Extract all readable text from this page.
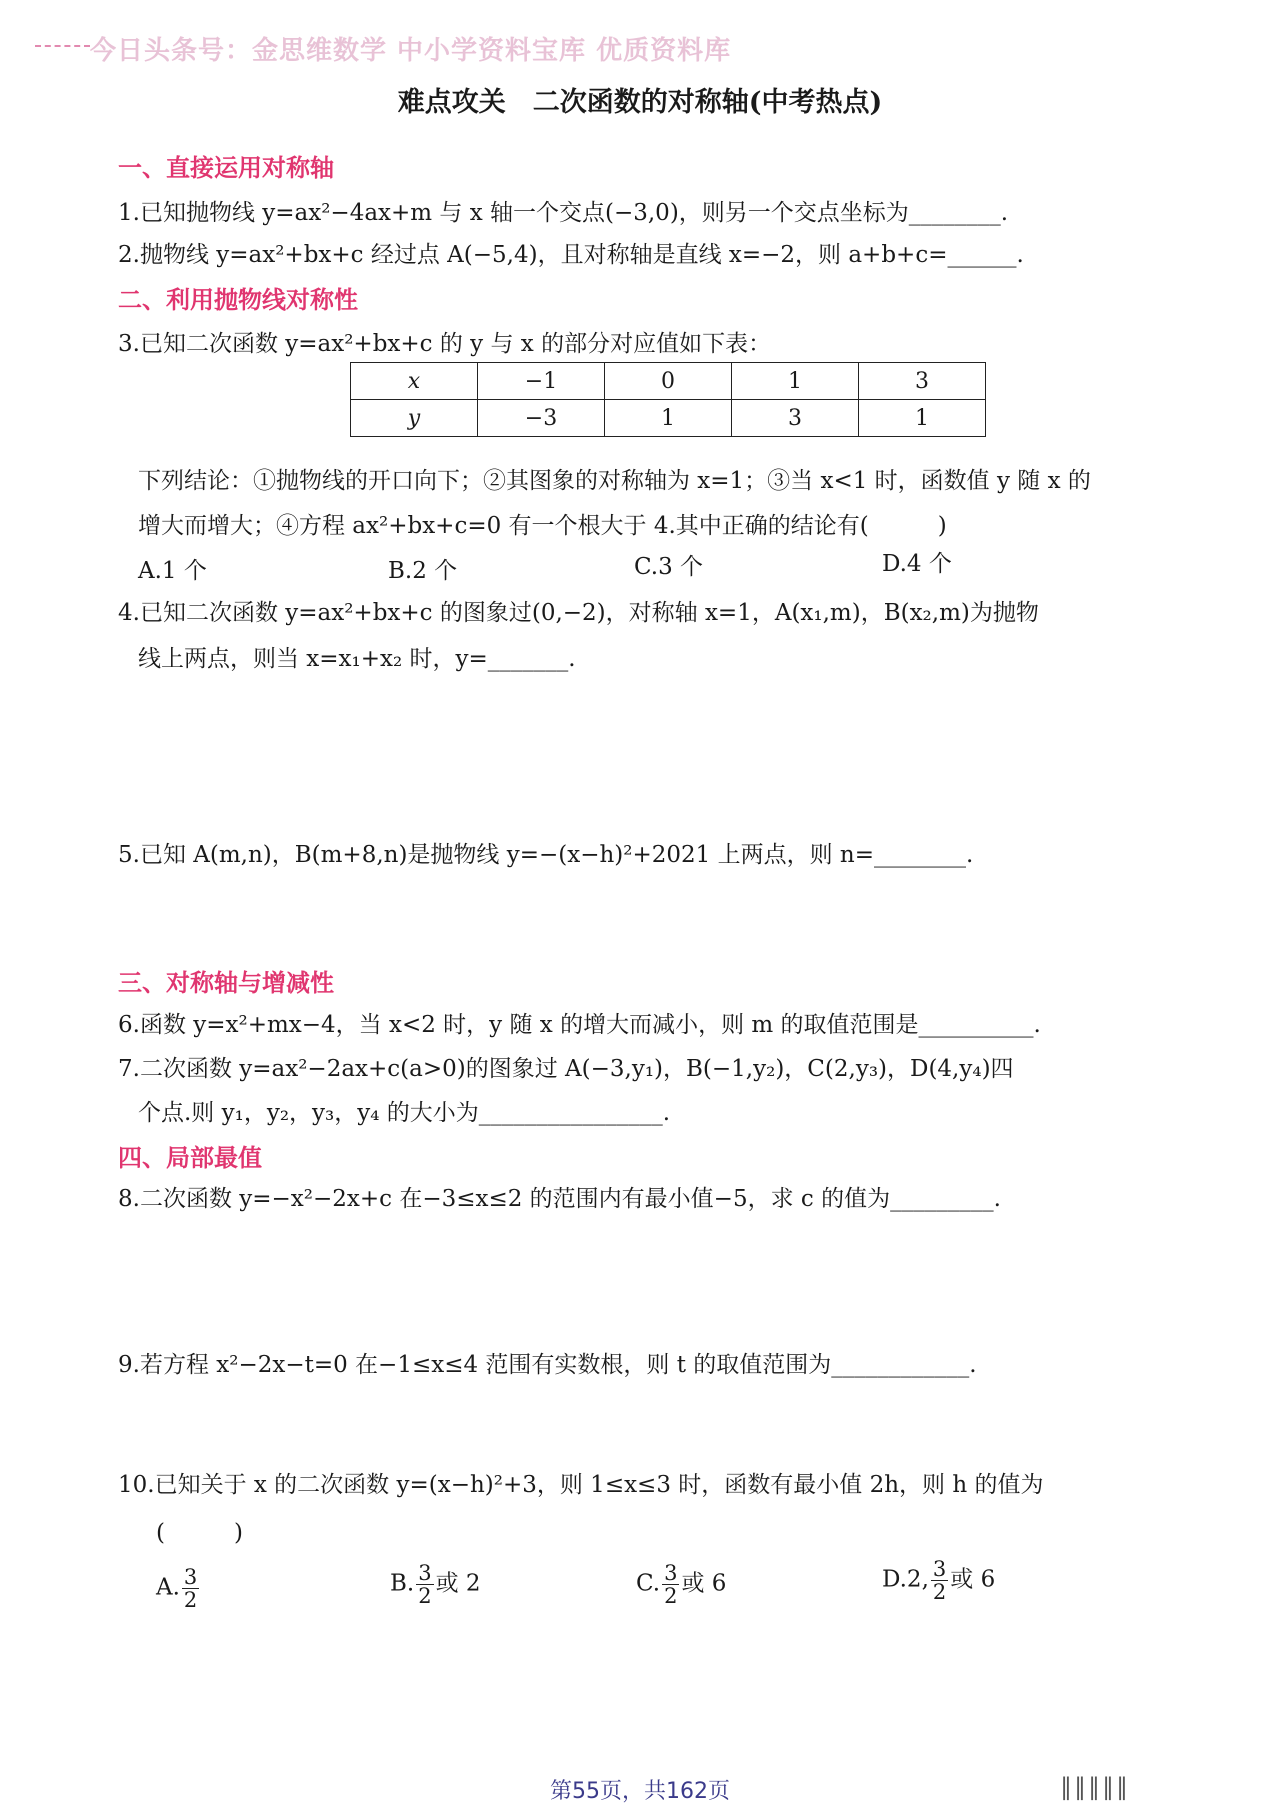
今日头条号：金思维数学 中小学资料宝库 优质资料库
难点攻关　二次函数的对称轴(中考热点)
一、直接运用对称轴
1.已知抛物线 y=ax²−4ax+m 与 x 轴一个交点(−3,0)，则另一个交点坐标为________.
2.抛物线 y=ax²+bx+c 经过点 A(−5,4)，且对称轴是直线 x=−2，则 a+b+c=______.
二、利用抛物线对称性
3.已知二次函数 y=ax²+bx+c 的 y 与 x 的部分对应值如下表：
x	−1	0	1	3
y	−3	1	3	1
下列结论：①抛物线的开口向下；②其图象的对称轴为 x=1；③当 x<1 时，函数值 y 随 x 的
增大而增大；④方程 ax²+bx+c=0 有一个根大于 4.其中正确的结论有(　　　)
A.1 个	B.2 个	C.3 个	D.4 个
4.已知二次函数 y=ax²+bx+c 的图象过(0,−2)，对称轴 x=1，A(x₁,m)，B(x₂,m)为抛物
线上两点，则当 x=x₁+x₂ 时，y=_______.
5.已知 A(m,n)，B(m+8,n)是抛物线 y=−(x−h)²+2021 上两点，则 n=________.
三、对称轴与增减性
6.函数 y=x²+mx−4，当 x<2 时，y 随 x 的增大而减小，则 m 的取值范围是__________.
7.二次函数 y=ax²−2ax+c(a>0)的图象过 A(−3,y₁)，B(−1,y₂)，C(2,y₃)，D(4,y₄)四
个点.则 y₁，y₂，y₃，y₄ 的大小为________________.
四、局部最值
8.二次函数 y=−x²−2x+c 在−3≤x≤2 的范围内有最小值−5，求 c 的值为_________.
9.若方程 x²−2x−t=0 在−1≤x≤4 范围有实数根，则 t 的取值范围为____________.
10.已知关于 x 的二次函数 y=(x−h)²+3，则 1≤x≤3 时，函数有最小值 2h，则 h 的值为
(　　　)
A. $\frac{3}{2}$	B. $\frac{3}{2}$ 或 2	C. $\frac{3}{2}$ 或 6	D.2, $\frac{3}{2}$ 或 6
第55页，共162页	∥∥∥∥∥
